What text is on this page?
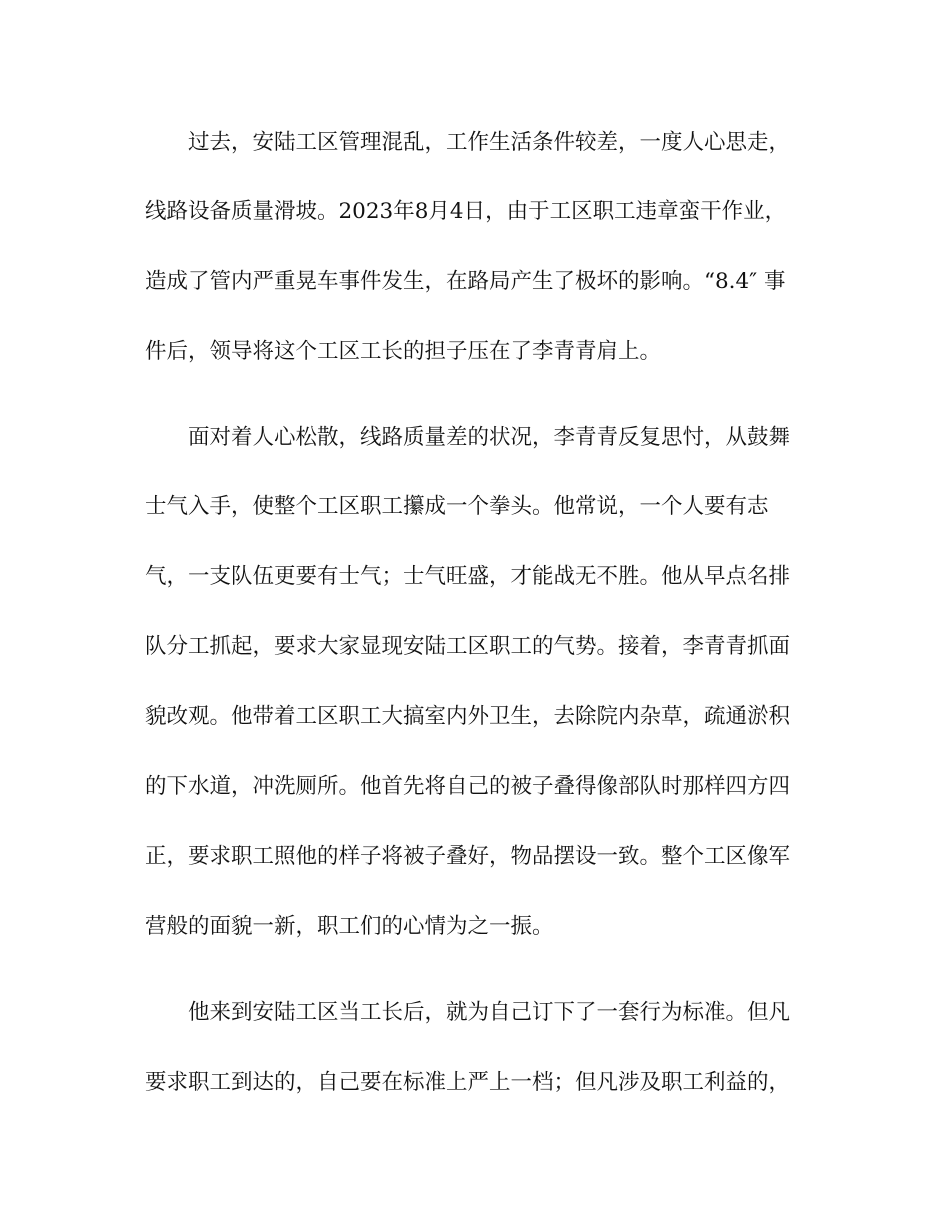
过去，安陆工区管理混乱，工作生活条件较差，一度人心思走，
线路设备质量滑坡。2023年8月4日，由于工区职工违章蛮干作业，
造成了管内严重晃车事件发生，在路局产生了极坏的影响。“8.4″ 事
件后，领导将这个工区工长的担子压在了李青青肩上。
面对着人心松散，线路质量差的状况，李青青反复思忖，从鼓舞
士气入手，使整个工区职工攥成一个拳头。他常说，一个人要有志
气，一支队伍更要有士气；士气旺盛，才能战无不胜。他从早点名排
队分工抓起，要求大家显现安陆工区职工的气势。接着，李青青抓面
貌改观。他带着工区职工大搞室内外卫生，去除院内杂草，疏通淤积
的下水道，冲洗厕所。他首先将自己的被子叠得像部队时那样四方四
正，要求职工照他的样子将被子叠好，物品摆设一致。整个工区像军
营般的面貌一新，职工们的心情为之一振。
他来到安陆工区当工长后，就为自己订下了一套行为标准。但凡
要求职工到达的，自己要在标准上严上一档；但凡涉及职工利益的，
